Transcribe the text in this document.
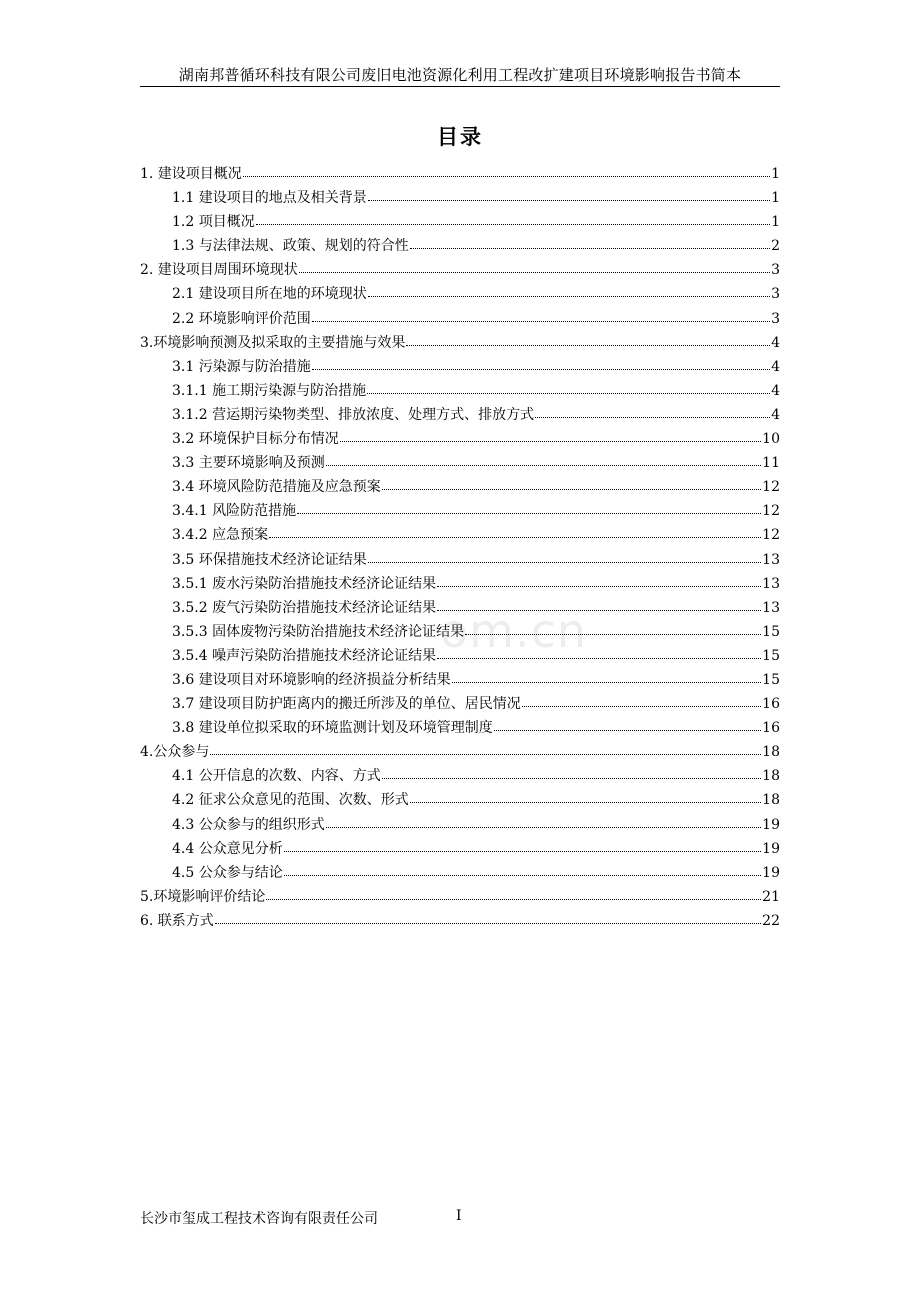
湖南邦普循环科技有限公司废旧电池资源化利用工程改扩建项目环境影响报告书简本
目录
1. 建设项目概况	1
1.1 建设项目的地点及相关背景	1
1.2 项目概况	1
1.3 与法律法规、政策、规划的符合性	2
2. 建设项目周围环境现状	3
2.1 建设项目所在地的环境现状	3
2.2 环境影响评价范围	3
3.环境影响预测及拟采取的主要措施与效果	4
3.1 污染源与防治措施	4
3.1.1 施工期污染源与防治措施	4
3.1.2 营运期污染物类型、排放浓度、处理方式、排放方式	4
3.2 环境保护目标分布情况	10
3.3 主要环境影响及预测	11
3.4 环境风险防范措施及应急预案	12
3.4.1 风险防范措施	12
3.4.2 应急预案	12
3.5 环保措施技术经济论证结果	13
3.5.1 废水污染防治措施技术经济论证结果	13
3.5.2 废气污染防治措施技术经济论证结果	13
3.5.3 固体废物污染防治措施技术经济论证结果	15
3.5.4 噪声污染防治措施技术经济论证结果	15
3.6 建设项目对环境影响的经济损益分析结果	15
3.7 建设项目防护距离内的搬迁所涉及的单位、居民情况	16
3.8 建设单位拟采取的环境监测计划及环境管理制度	16
4.公众参与	18
4.1 公开信息的次数、内容、方式	18
4.2 征求公众意见的范围、次数、形式	18
4.3 公众参与的组织形式	19
4.4 公众意见分析	19
4.5 公众参与结论	19
5.环境影响评价结论	21
6. 联系方式	22
om.cn
长沙市玺成工程技术咨询有限责任公司	I
